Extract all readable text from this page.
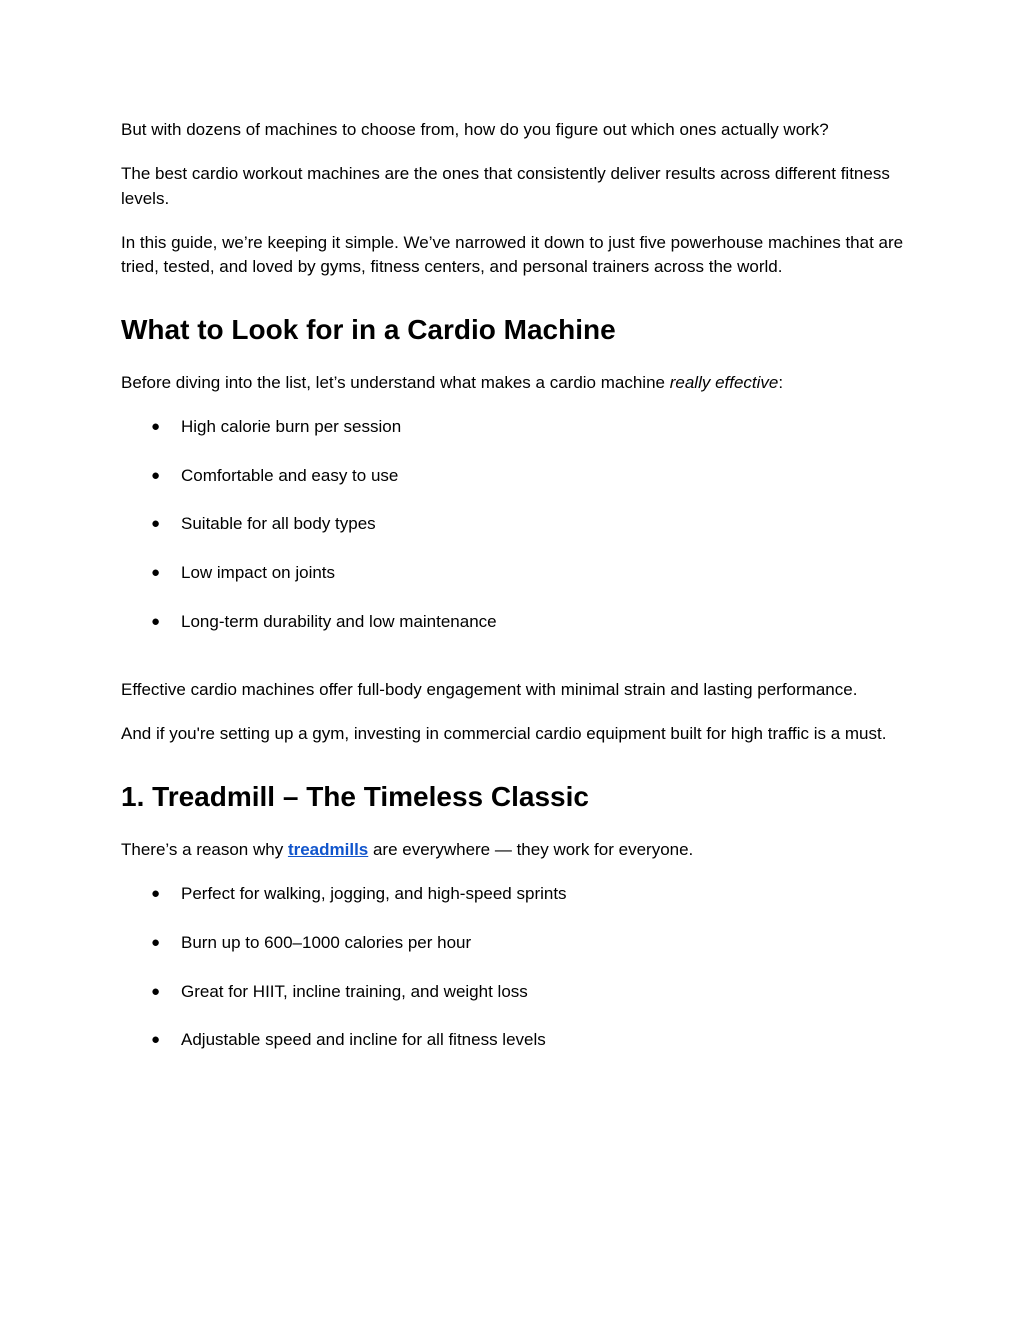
But with dozens of machines to choose from, how do you figure out which ones actually work?

The best cardio workout machines are the ones that consistently deliver results across different fitness levels.

In this guide, we’re keeping it simple. We’ve narrowed it down to just five powerhouse machines that are tried, tested, and loved by gyms, fitness centers, and personal trainers across the world.

What to Look for in a Cardio Machine

Before diving into the list, let’s understand what makes a cardio machine really effective:

● High calorie burn per session
● Comfortable and easy to use
● Suitable for all body types
● Low impact on joints
● Long-term durability and low maintenance

Effective cardio machines offer full-body engagement with minimal strain and lasting performance.

And if you're setting up a gym, investing in commercial cardio equipment built for high traffic is a must.

1. Treadmill – The Timeless Classic

There’s a reason why treadmills are everywhere — they work for everyone.

● Perfect for walking, jogging, and high-speed sprints
● Burn up to 600–1000 calories per hour
● Great for HIIT, incline training, and weight loss
● Adjustable speed and incline for all fitness levels
